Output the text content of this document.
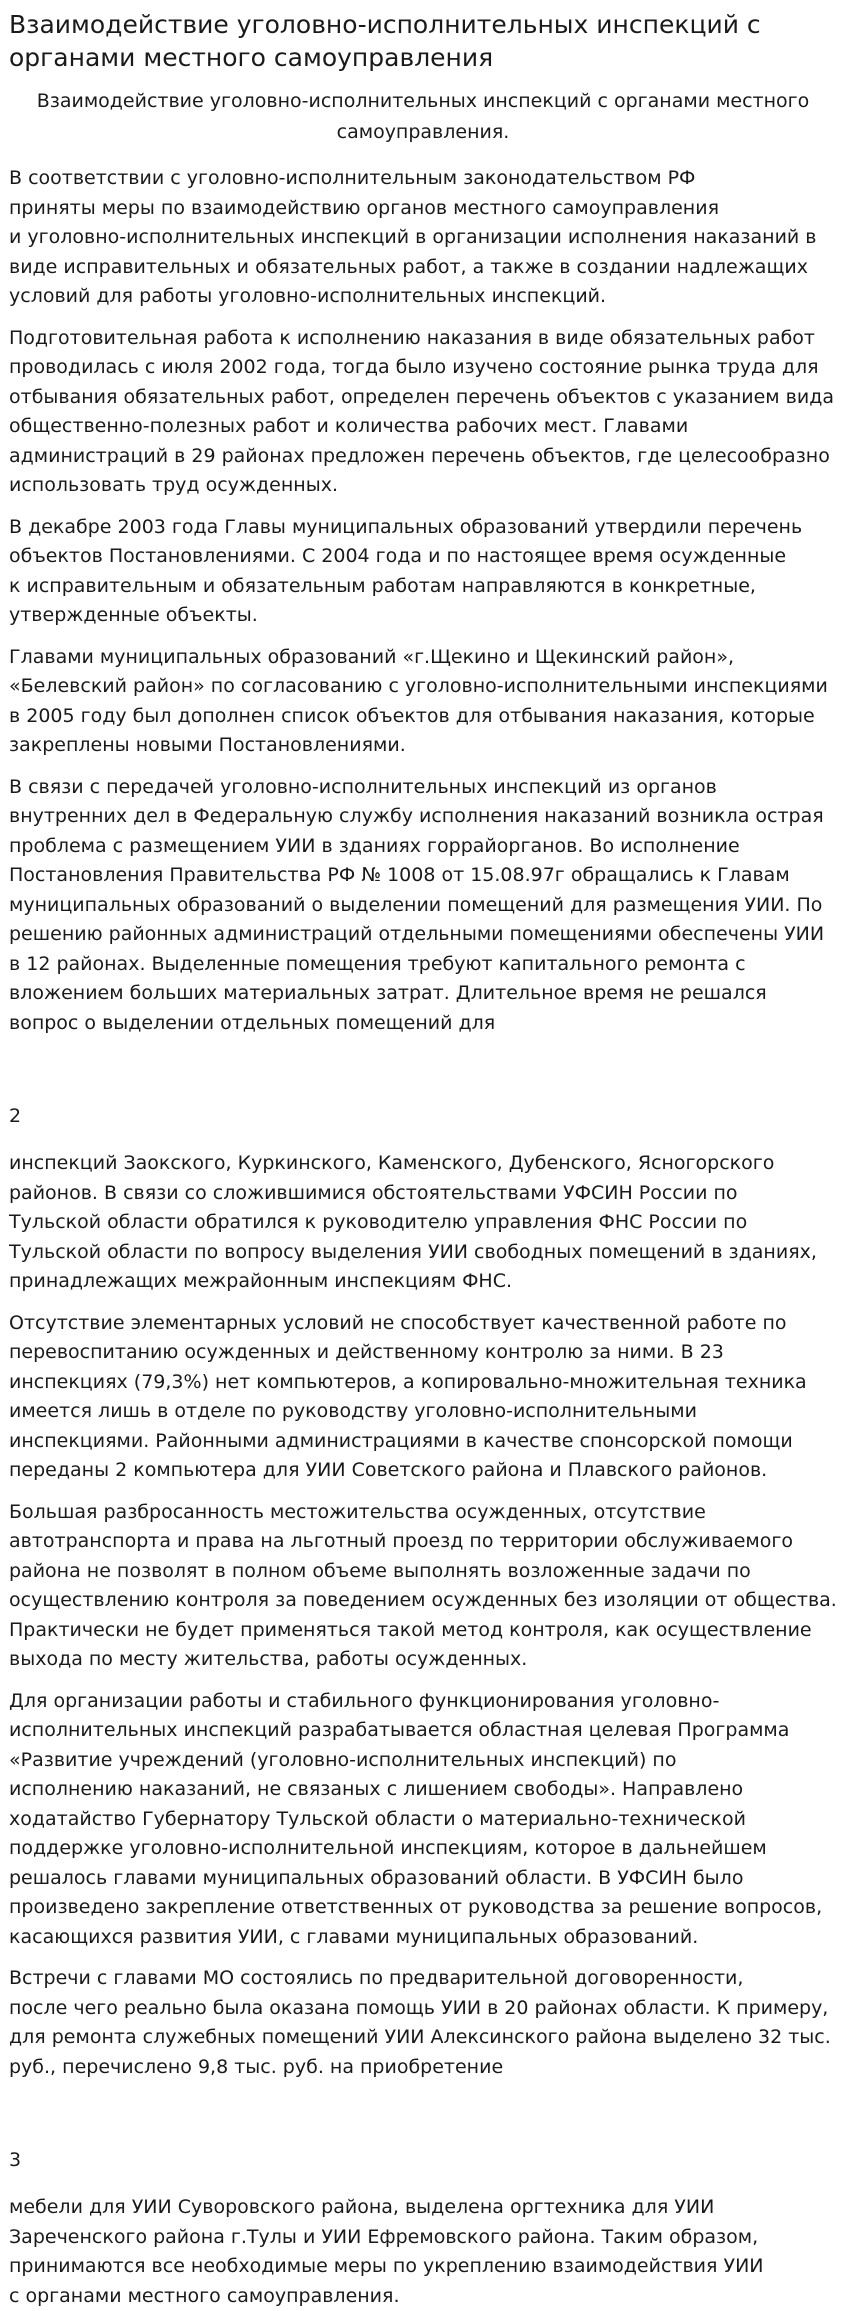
Взаимодействие уголовно-исполнительных инспекций с органами местного самоуправления
Взаимодействие уголовно-исполнительных инспекций с органами местного самоуправления.

В соответствии с уголовно-исполнительным законодательством РФ
приняты меры по взаимодействию органов местного самоуправления
и уголовно-исполнительных инспекций в организации исполнения наказаний в
виде исправительных и обязательных работ, а также в создании надлежащих
условий для работы уголовно-исполнительных инспекций.

Подготовительная работа к исполнению наказания в виде обязательных работ
проводилась с июля 2002 года, тогда было изучено состояние рынка труда для
отбывания обязательных работ, определен перечень объектов с указанием вида
общественно-полезных работ и количества рабочих мест. Главами
администраций в 29 районах предложен перечень объектов, где целесообразно
использовать труд осужденных.

В декабре 2003 года Главы муниципальных образований утвердили перечень
объектов Постановлениями. С 2004 года и по настоящее время осужденные
к исправительным и обязательным работам направляются в конкретные,
утвержденные объекты.

Главами муниципальных образований «г.Щекино и Щекинский район»,
«Белевский район» по согласованию с уголовно-исполнительными инспекциями
в 2005 году был дополнен список объектов для отбывания наказания, которые
закреплены новыми Постановлениями.

В связи с передачей уголовно-исполнительных инспекций из органов
внутренних дел в Федеральную службу исполнения наказаний возникла острая
проблема с размещением УИИ в зданиях горрайорганов. Во исполнение
Постановления Правительства РФ № 1008 от 15.08.97г обращались к Главам
муниципальных образований о выделении помещений для размещения УИИ. По
решению районных администраций отдельными помещениями обеспечены УИИ
в 12 районах. Выделенные помещения требуют капитального ремонта с
вложением больших материальных затрат. Длительное время не решался
вопрос о выделении отдельных помещений для

2

инспекций Заокского, Куркинского, Каменского, Дубенского, Ясногорского
районов. В связи со сложившимися обстоятельствами УФСИН России по
Тульской области обратился к руководителю управления ФНС России по
Тульской области по вопросу выделения УИИ свободных помещений в зданиях,
принадлежащих межрайонным инспекциям ФНС.

Отсутствие элементарных условий не способствует качественной работе по
перевоспитанию осужденных и действенному контролю за ними. В 23
инспекциях (79,3%) нет компьютеров, а копировально-множительная техника
имеется лишь в отделе по руководству уголовно-исполнительными
инспекциями. Районными администрациями в качестве спонсорской помощи
переданы 2 компьютера для УИИ Советского района и Плавского районов.

Большая разбросанность местожительства осужденных, отсутствие
автотранспорта и права на льготный проезд по территории обслуживаемого
района не позволят в полном объеме выполнять возложенные задачи по
осуществлению контроля за поведением осужденных без изоляции от общества.
Практически не будет применяться такой метод контроля, как осуществление
выхода по месту жительства, работы осужденных.

Для организации работы и стабильного функционирования уголовно-
исполнительных инспекций разрабатывается областная целевая Программа
«Развитие учреждений (уголовно-исполнительных инспекций) по
исполнению наказаний, не связаных с лишением свободы». Направлено
ходатайство Губернатору Тульской области о материально-технической
поддержке уголовно-исполнительной инспекциям, которое в дальнейшем
решалось главами муниципальных образований области. В УФСИН было
произведено закрепление ответственных от руководства за решение вопросов,
касающихся развития УИИ, с главами муниципальных образований.

Встречи с главами МО состоялись по предварительной договоренности,
после чего реально была оказана помощь УИИ в 20 районах области. К примеру,
для ремонта служебных помещений УИИ Алексинского района выделено 32 тыс.
руб., перечислено 9,8 тыс. руб. на приобретение

3

мебели для УИИ Суворовского района, выделена оргтехника для УИИ
Зареченского района г.Тулы и УИИ Ефремовского района. Таким образом,
принимаются все необходимые меры по укреплению взаимодействия УИИ
с органами местного самоуправления.
